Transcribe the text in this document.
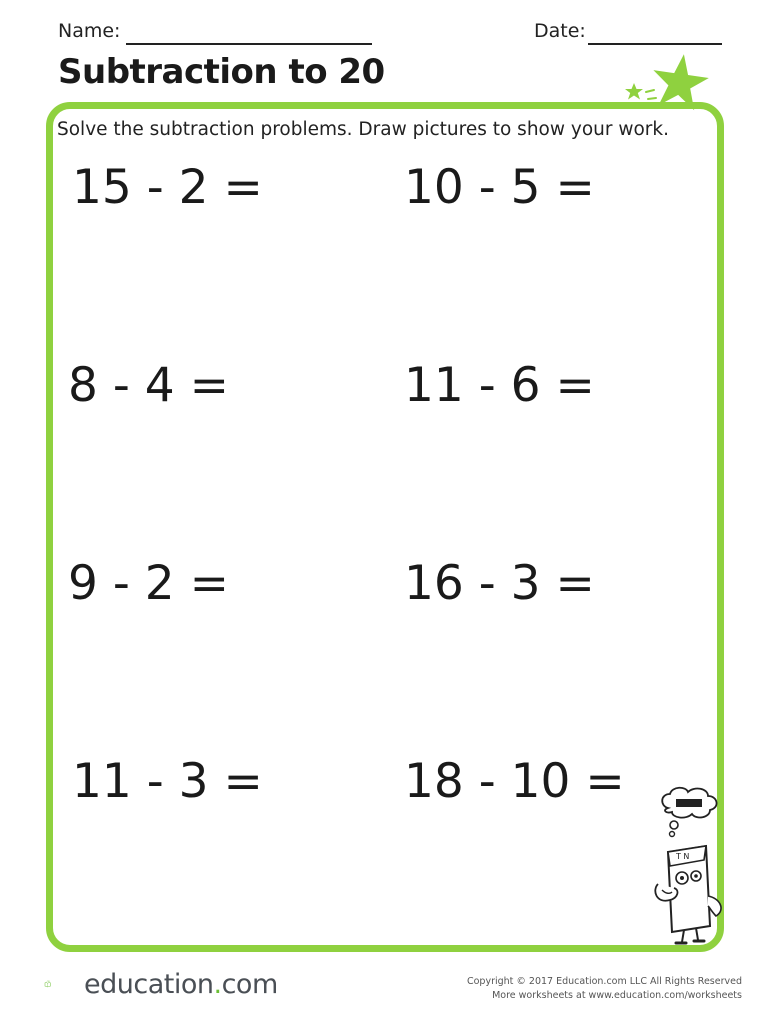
Name:	Date:
Subtraction to 20
Solve the subtraction problems. Draw pictures to show your work.
15 - 2 =	10 - 5 =
8 - 4 =	11 - 6 =
9 - 2 =	16 - 3 =
11 - 3 =	18 - 10 =
T N
education.com	Copyright © 2017 Education.com LLC All Rights Reserved
More worksheets at www.education.com/worksheets
